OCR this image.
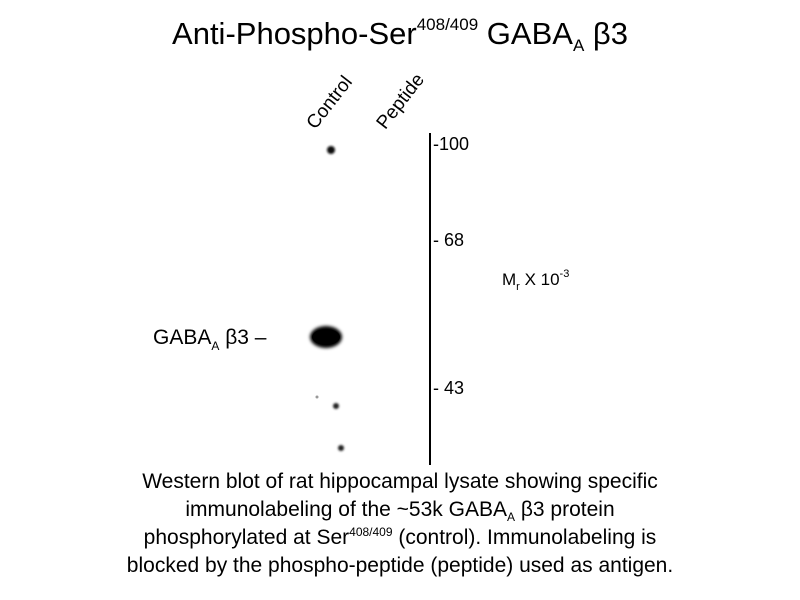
Anti-Phospho-Ser$^{408/409}$ $GABA_A$ β3
Control Peptide
-100
- 68
- 43
$M_r$ X $10^{-3}$
$GABA_A$ β3 –
Western blot of rat hippocampal lysate showing specific
immunolabeling of the ~53k $GABA_A$ β3 protein
phosphorylated at Ser$^{408/409}$ (control). Immunolabeling is
blocked by the phospho-peptide (peptide) used as antigen.
